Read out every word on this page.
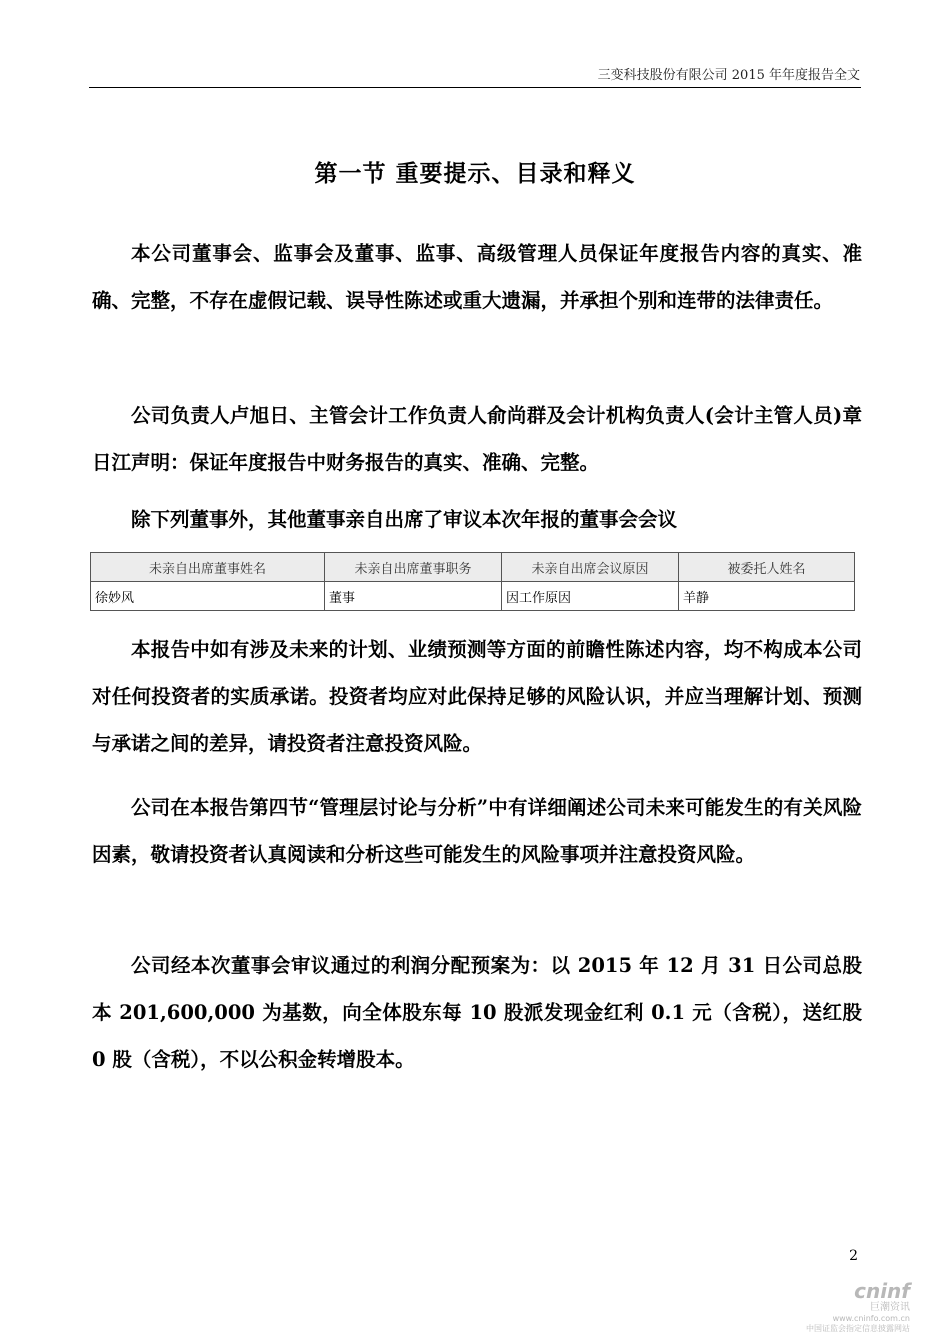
三变科技股份有限公司 2015 年年度报告全文
第一节 重要提示、目录和释义

本公司董事会、监事会及董事、监事、高级管理人员保证年度报告内容的真实、准确、完整，不存在虚假记载、误导性陈述或重大遗漏，并承担个别和连带的法律责任。

公司负责人卢旭日、主管会计工作负责人俞尚群及会计机构负责人(会计主管人员)章日江声明：保证年度报告中财务报告的真实、准确、完整。

除下列董事外，其他董事亲自出席了审议本次年报的董事会会议

未亲自出席董事姓名	未亲自出席董事职务	未亲自出席会议原因	被委托人姓名
徐妙风	董事	因工作原因	羊静

本报告中如有涉及未来的计划、业绩预测等方面的前瞻性陈述内容，均不构成本公司对任何投资者的实质承诺。投资者均应对此保持足够的风险认识，并应当理解计划、预测与承诺之间的差异，请投资者注意投资风险。

公司在本报告第四节“管理层讨论与分析”中有详细阐述公司未来可能发生的有关风险因素，敬请投资者认真阅读和分析这些可能发生的风险事项并注意投资风险。

公司经本次董事会审议通过的利润分配预案为：以 2015 年 12 月 31 日公司总股本 201,600,000 为基数，向全体股东每 10 股派发现金红利 0.1 元（含税），送红股 0 股（含税），不以公积金转增股本。

2
cninf
巨潮资讯
www.cninfo.com.cn
中国证监会指定信息披露网站
